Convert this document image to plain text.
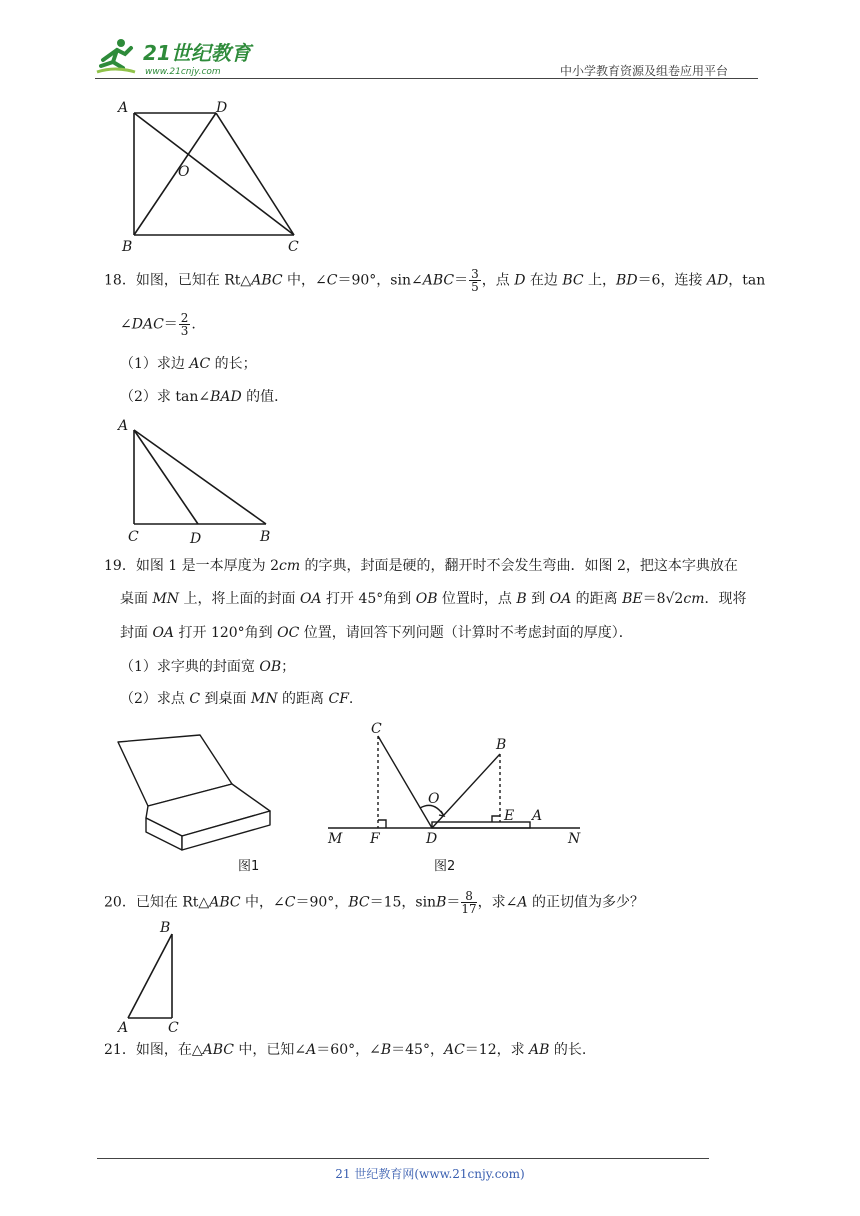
21世纪教育
www.21cnjy.com	中小学教育资源及组卷应用平台
A	D
O
B	C
18．如图，已知在 Rt△ABC 中，∠C＝90°，sin∠ABC＝ $\frac{3}{5}$ ，点 D 在边 BC 上，BD＝6，连接 AD，tan
∠DAC＝ $\frac{2}{3}$ .
（1）求边 AC 的长；
（2）求 tan∠BAD 的值．
A
C	D	B
19．如图 1 是一本厚度为 2cm 的字典，封面是硬的，翻开时不会发生弯曲．如图 2，把这本字典放在
桌面 MN 上，将上面的封面 OA 打开 45°角到 OB 位置时，点 B 到 OA 的距离 BE＝8√2cm．现将
封面 OA 打开 120°角到 OC 位置，请回答下列问题（计算时不考虑封面的厚度）．
（1）求字典的封面宽 OB；
（2）求点 C 到桌面 MN 的距离 CF.
图1
C
B
O
E A
M F	D	N
图2
20．已知在 Rt△ABC 中，∠C＝90°，BC＝15，$\sin B= \frac{8}{17}$ ，求∠A 的正切值为多少？
B
A	C
21．如图，在△ABC 中，已知∠A＝60°，∠B＝45°，AC＝12，求 AB 的长.
21 世纪教育网(www.21cnjy.com)
